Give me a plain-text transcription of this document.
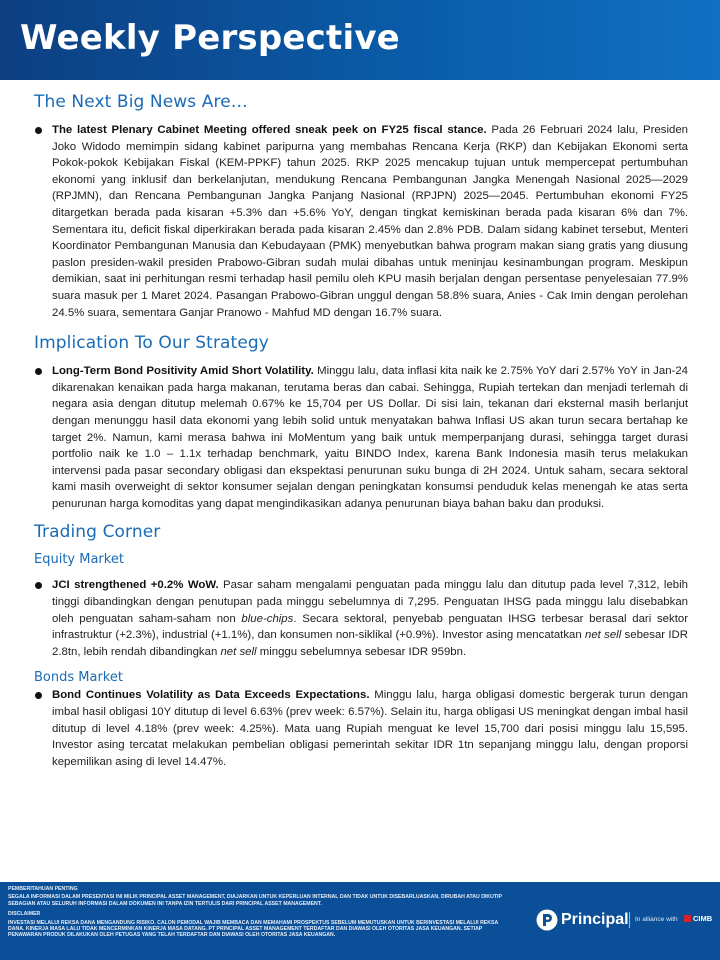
Weekly Perspective
The Next Big News Are…

The latest Plenary Cabinet Meeting offered sneak peek on FY25 fiscal stance. Pada 26 Februari 2024 lalu, Presiden Joko Widodo memimpin sidang kabinet paripurna yang membahas Rencana Kerja (RKP) dan Kebijakan Ekonomi serta Pokok-pokok Kebijakan Fiskal (KEM-PPKF) tahun 2025. RKP 2025 mencakup tujuan untuk mempercepat pertumbuhan ekonomi yang inklusif dan berkelanjutan, mendukung Rencana Pembangunan Jangka Menengah Nasional 2025—2029 (RPJMN), dan Rencana Pembangunan Jangka Panjang Nasional (RPJPN) 2025—2045. Pertumbuhan ekonomi FY25 ditargetkan berada pada kisaran +5.3% dan +5.6% YoY, dengan tingkat kemiskinan berada pada kisaran 6% dan 7%. Sementara itu, deficit fiskal diperkirakan berada pada kisaran 2.45% dan 2.8% PDB. Dalam sidang kabinet tersebut, Menteri Koordinator Pembangunan Manusia dan Kebudayaan (PMK) menyebutkan bahwa program makan siang gratis yang diusung paslon presiden-wakil presiden Prabowo-Gibran sudah mulai dibahas untuk meninjau kesinambungan program. Meskipun demikian, saat ini perhitungan resmi terhadap hasil pemilu oleh KPU masih berjalan dengan persentase penyelesaian 77.9% suara masuk per 1 Maret 2024. Pasangan Prabowo-Gibran unggul dengan 58.8% suara, Anies - Cak Imin dengan perolehan 24.5% suara, sementara Ganjar Pranowo - Mahfud MD dengan 16.7% suara.

Implication To Our Strategy

Long-Term Bond Positivity Amid Short Volatility. Minggu lalu, data inflasi kita naik ke 2.75% YoY dari 2.57% YoY in Jan-24 dikarenakan kenaikan pada harga makanan, terutama beras dan cabai. Sehingga, Rupiah tertekan dan menjadi terlemah di negara asia dengan ditutup melemah 0.67% ke 15,704 per US Dollar. Di sisi lain, tekanan dari eksternal masih berlanjut dengan menunggu hasil data ekonomi yang lebih solid untuk menyatakan bahwa Inflasi US akan turun secara bertahap ke target 2%. Namun, kami merasa bahwa ini MoMentum yang baik untuk memperpanjang durasi, sehingga target durasi portfolio naik ke 1.0 – 1.1x terhadap benchmark, yaitu BINDO Index, karena Bank Indonesia masih terus melakukan intervensi pada pasar secondary obligasi dan ekspektasi penurunan suku bunga di 2H 2024. Untuk saham, secara sektoral kami masih overweight di sektor konsumer sejalan dengan peningkatan konsumsi penduduk kelas menengah ke atas serta penurunan harga komoditas yang dapat mengindikasikan adanya penurunan biaya bahan baku dan produksi.

Trading Corner
Equity Market

JCI strengthened +0.2% WoW. Pasar saham mengalami penguatan pada minggu lalu dan ditutup pada level 7,312, lebih tinggi dibandingkan dengan penutupan pada minggu sebelumnya di 7,295. Penguatan IHSG pada minggu lalu disebabkan oleh penguatan saham-saham non blue-chips. Secara sektoral, penyebab penguatan IHSG terbesar berasal dari sektor infrastruktur (+2.3%), industrial (+1.1%), dan konsumen non-siklikal (+0.9%). Investor asing mencatatkan net sell sebesar IDR 2.8tn, lebih rendah dibandingkan net sell minggu sebelumnya sebesar IDR 959bn.

Bonds Market

Bond Continues Volatility as Data Exceeds Expectations. Minggu lalu, harga obligasi domestic bergerak turun dengan imbal hasil obligasi 10Y ditutup di level 6.63% (prev week: 6.57%). Selain itu, harga obligasi US meningkat dengan imbal hasil ditutup di level 4.18% (prev week: 4.25%). Mata uang Rupiah menguat ke level 15,700 dari posisi minggu lalu 15,595. Investor asing tercatat melakukan pembelian obligasi pemerintah sekitar IDR 1tn sepanjang minggu lalu, dengan proporsi kepemilikan asing di level 14.47%.

PEMBERITAHUAN PENTING

SEGALA INFORMASI DALAM PRESENTASI INI MILIK PRINCIPAL ASSET MANAGEMENT, DIAJARKAN UNTUK KEPERLUAN INTERNAL DAN TIDAK UNTUK DISEBARLUASKAN, DIRUBAH ATAU DIKUTIP SEBAGIAN ATAU SELURUH INFORMASI DALAM DOKUMEN INI TANPA IZIN TERTULIS DARI PRINCIPAL ASSET MANAGEMENT.

DISCLAIMER

INVESTASI MELALUI REKSA DANA MENGANDUNG RISIKO. CALON PEMODAL WAJIB MEMBACA DAN MEMAHAMI PROSPEKTUS SEBELUM MEMUTUSKAN UNTUK BERINVESTASI MELALUI REKSA DANA. KINERJA MASA LALU TIDAK MENCERMINKAN KINERJA MASA DATANG. PT PRINCIPAL ASSET MANAGEMENT TERDAFTAR DAN DIAWASI OLEH OTORITAS JASA KEUANGAN. SETIAP PENAWARAN PRODUK DILAKUKAN OLEH PETUGAS YANG TELAH TERDAFTAR DAN DIAWASI OLEH OTORITAS JASA KEUANGAN.

Principal In alliance with CIMB
